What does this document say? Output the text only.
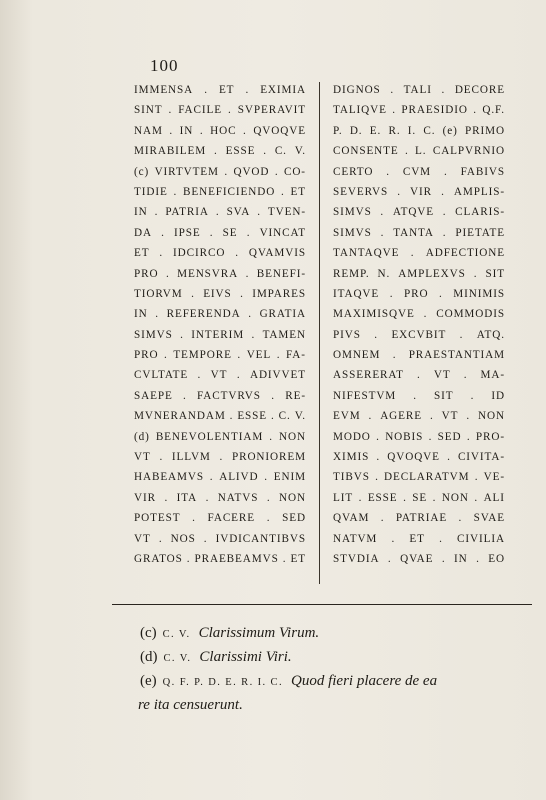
100
IMMENSA . ET . EXIMIA
SINT . FACILE . SVPERAVIT
NAM . IN . HOC . QVOQVE
MIRABILEM . ESSE . C. V.
(c) VIRTVTEM . QVOD . CO-
TIDIE . BENEFICIENDO . ET
IN . PATRIA . SVA . TVEN-
DA . IPSE . SE . VINCAT
ET . IDCIRCO . QVAMVIS
PRO . MENSVRA . BENEFI-
TIORVM . EIVS . IMPARES
IN . REFERENDA . GRATIA
SIMVS . INTERIM . TAMEN
PRO . TEMPORE . VEL . FA-
CVLTATE . VT . ADIVVET
SAEPE . FACTVRVS . RE-
MVNERANDAM . ESSE . C. V.
(d) BENEVOLENTIAM . NON
VT . ILLVM . PRONIOREM
HABEAMVS . ALIVD . ENIM
VIR . ITA . NATVS . NON
POTEST . FACERE . SED
VT . NOS . IVDICANTIBVS
GRATOS . PRAEBEAMVS . ET
DIGNOS . TALI . DECORE
TALIQVE . PRAESIDIO . Q.F.
P. D. E. R. I. C. (e) PRIMO
CONSENTE . L. CALPVRNIO
CERTO . CVM . FABIVS
SEVERVS . VIR . AMPLIS-
SIMVS . ATQVE . CLARIS-
SIMVS . TANTA . PIETATE
TANTAQVE . ADFECTIONE
REMP. N. AMPLEXVS . SIT
ITAQVE . PRO . MINIMIS
MAXIMISQVE . COMMODIS
PIVS . EXCVBIT . ATQ.
OMNEM . PRAESTANTIAM
ASSERERAT . VT . MA-
NIFESTVM . SIT . ID
EVM . AGERE . VT . NON
MODO . NOBIS . SED . PRO-
XIMIS . QVOQVE . CIVITA-
TIBVS . DECLARATVM . VE-
LIT . ESSE . SE . NON . ALI
QVAM . PATRIAE . SVAE
NATVM . ET . CIVILIA
STVDIA . QVAE . IN . EO
(c) C. V. Clarissimum Virum.
(d) C. V. Clarissimi Viri.
(e) Q. F. P. D. E. R. I. C. Quod fieri placere de ea
re ita censuerunt.
